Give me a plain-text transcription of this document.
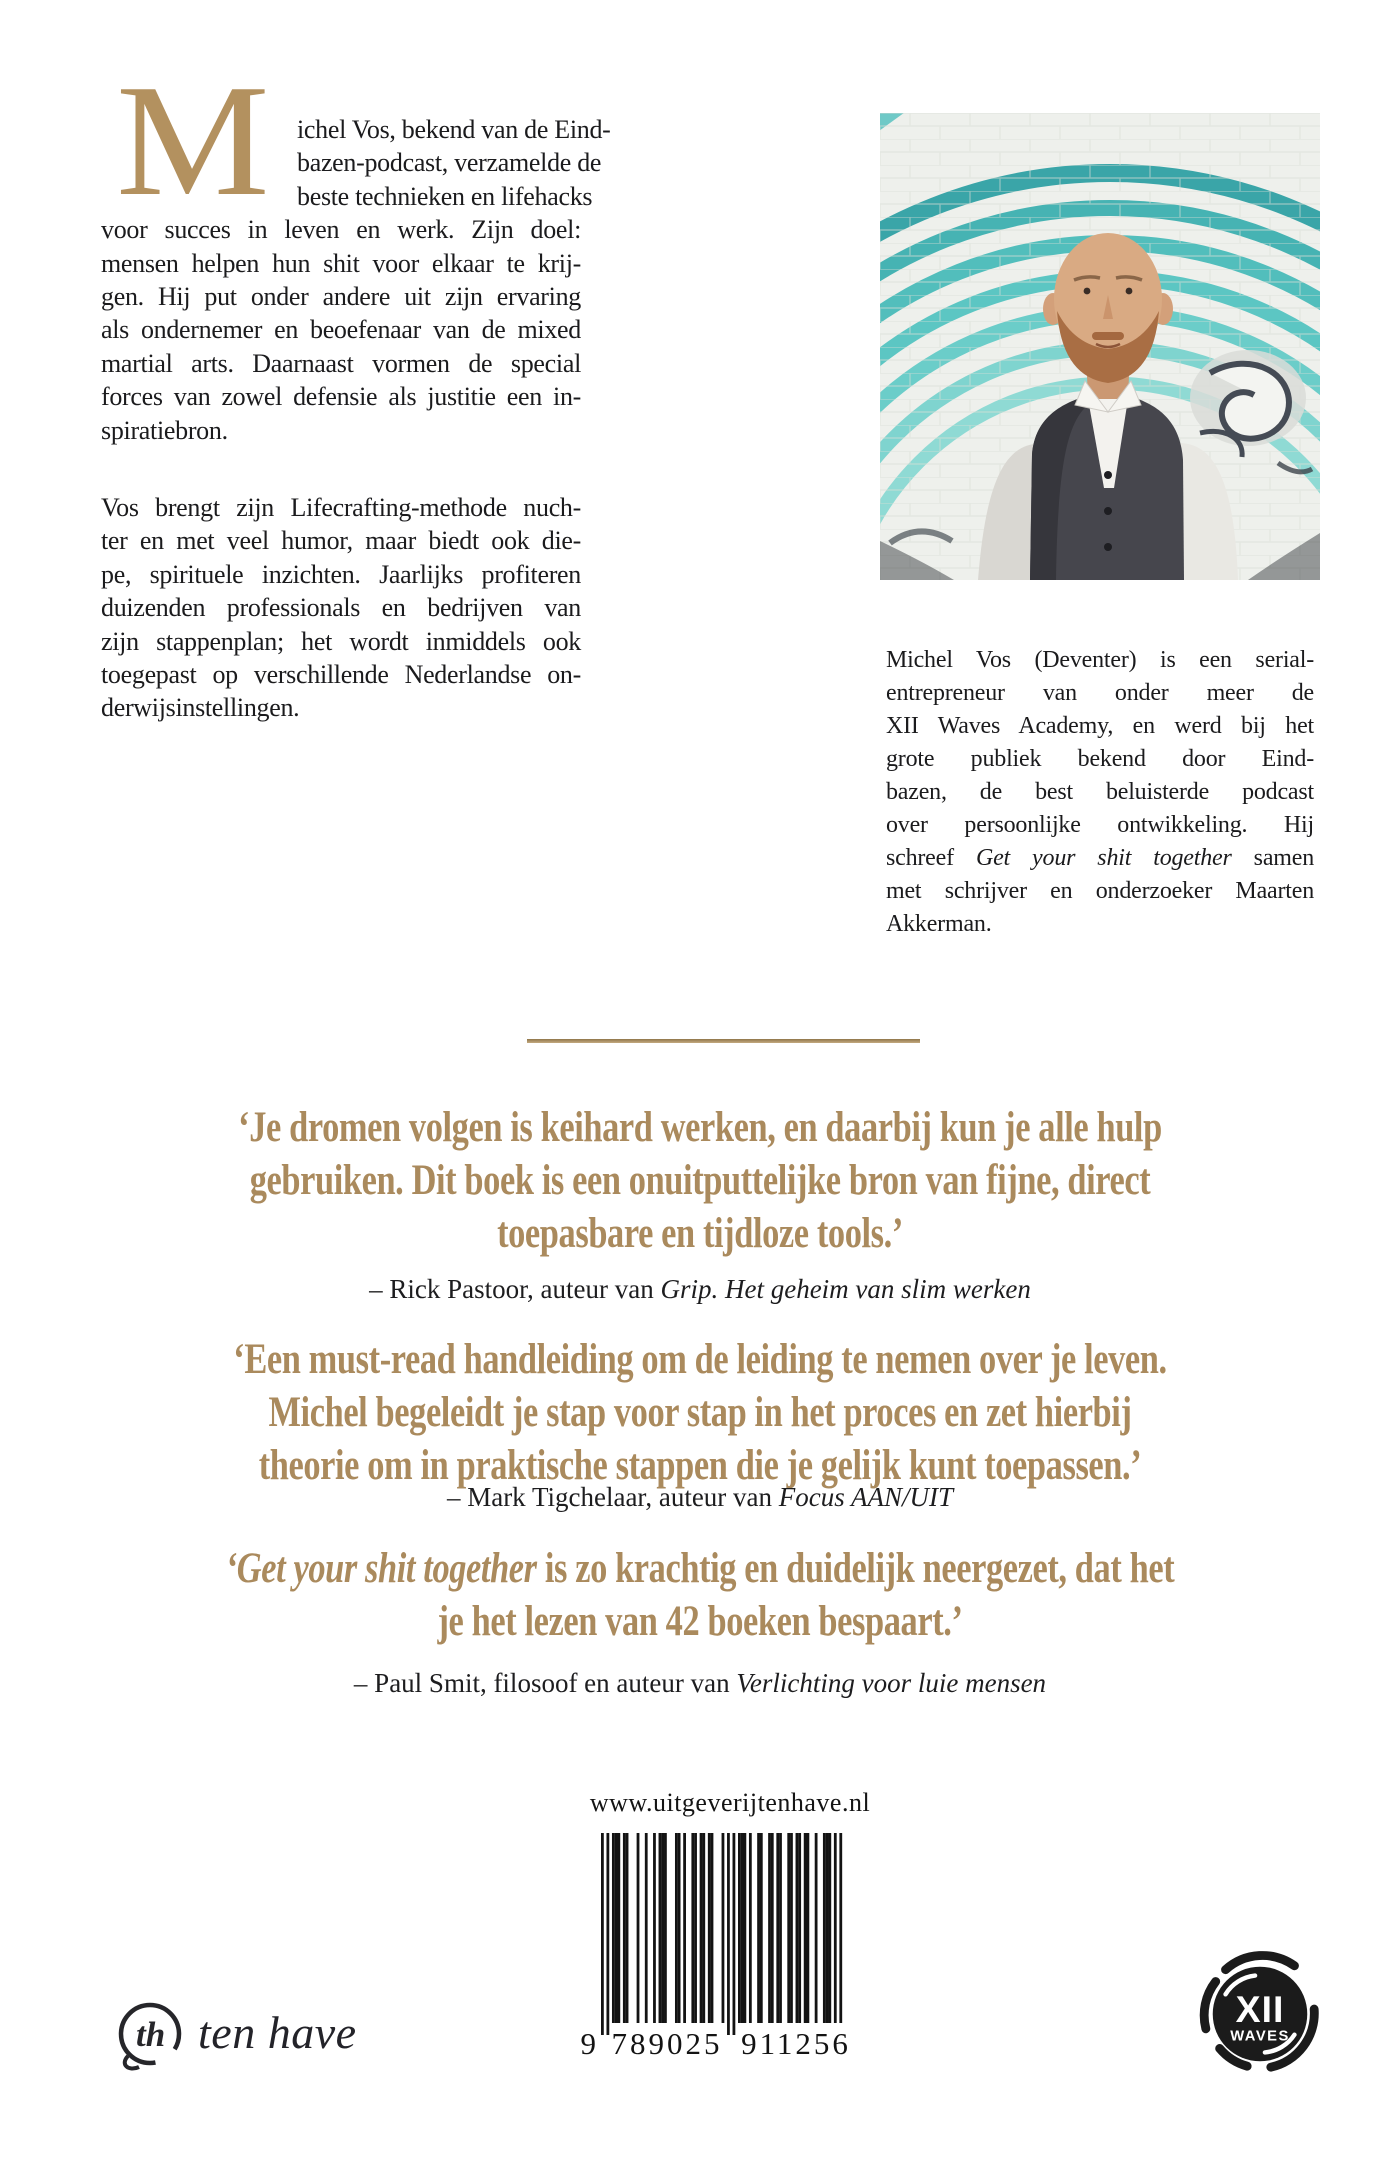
M	ichel Vos, bekend van de Eind-
bazen-podcast, verzamelde de
beste technieken en lifehacks
voor succes in leven en werk. Zijn doel:
mensen helpen hun shit voor elkaar te krij-
gen. Hij put onder andere uit zijn ervaring
als ondernemer en beoefenaar van de mixed
martial arts. Daarnaast vormen de special
forces van zowel defensie als justitie een in-
spiratiebron.
Vos brengt zijn Lifecrafting-methode nuch-
ter en met veel humor, maar biedt ook die-
pe, spirituele inzichten. Jaarlijks profiteren
duizenden professionals en bedrijven van
zijn stappenplan; het wordt inmiddels ook
toegepast op verschillende Nederlandse on-
derwijsinstellingen.
Michel Vos (Deventer) is een serial-
entrepreneur van onder meer de
XII Waves Academy, en werd bij het
grote publiek bekend door Eind-
bazen, de best beluisterde podcast
over persoonlijke ontwikkeling. Hij
schreef Get your shit together samen
met schrijver en onderzoeker Maarten
Akkerman.
‘Je dromen volgen is keihard werken, en daarbij kun je alle hulp
gebruiken. Dit boek is een onuitputtelijke bron van fijne, direct
toepasbare en tijdloze tools.’
– Rick Pastoor, auteur van Grip. Het geheim van slim werken
‘Een must-read handleiding om de leiding te nemen over je leven.
Michel begeleidt je stap voor stap in het proces en zet hierbij
theorie om in praktische stappen die je gelijk kunt toepassen.’
– Mark Tigchelaar, auteur van Focus AAN/UIT
‘Get your shit together is zo krachtig en duidelijk neergezet, dat het
je het lezen van 42 boeken bespaart.’
– Paul Smit, filosoof en auteur van Verlichting voor luie mensen
www.uitgeverijtenhave.nl
9 789025 911256
th ten have	XII
WAVES
